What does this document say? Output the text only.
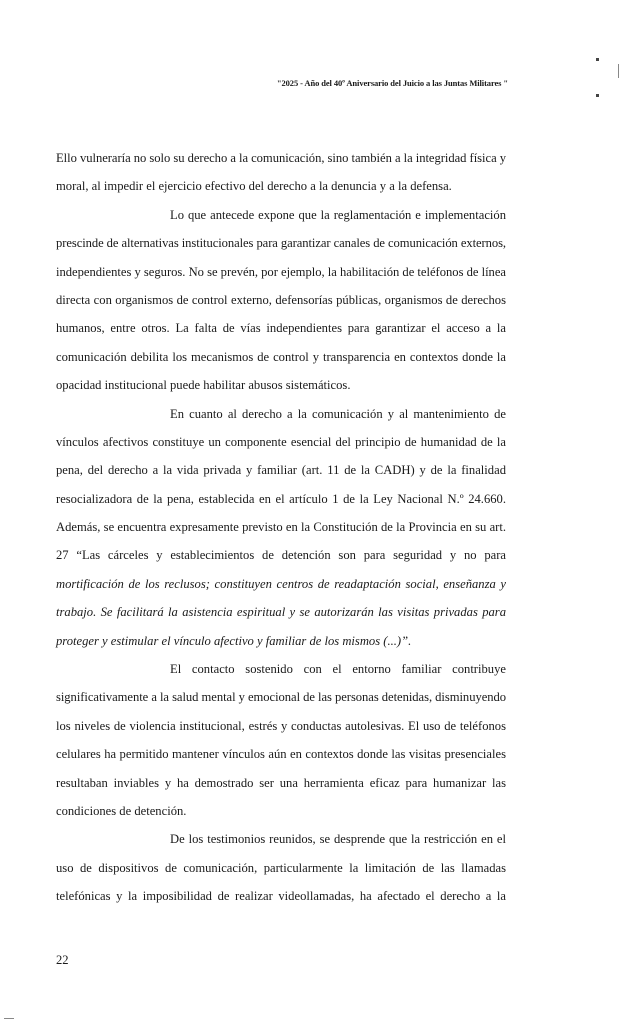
"2025 - Año del 40º Aniversario del Juicio a las Juntas Militares "
Ello vulneraría no solo su derecho a la comunicación, sino también a la integridad física y
moral, al impedir el ejercicio efectivo del derecho a la denuncia y a la defensa.
Lo que antecede expone que la reglamentación e implementación
prescinde de alternativas institucionales para garantizar canales de comunicación externos,
independientes y seguros. No se prevén, por ejemplo, la habilitación de teléfonos de línea
directa con organismos de control externo, defensorías públicas, organismos de derechos
humanos, entre otros. La falta de vías independientes para garantizar el acceso a la
comunicación debilita los mecanismos de control y transparencia en contextos donde la
opacidad institucional puede habilitar abusos sistemáticos.
En cuanto al derecho a la comunicación y al mantenimiento de
vínculos afectivos constituye un componente esencial del principio de humanidad de la
pena, del derecho a la vida privada y familiar (art. 11 de la CADH) y de la finalidad
resocializadora de la pena, establecida en el artículo 1 de la Ley Nacional N.º 24.660.
Además, se encuentra expresamente previsto en la Constitución de la Provincia en su art.
27 “Las cárceles y establecimientos de detención son para seguridad y no para
mortificación de los reclusos; constituyen centros de readaptación social, enseñanza y
trabajo. Se facilitará la asistencia espiritual y se autorizarán las visitas privadas para
proteger y estimular el vínculo afectivo y familiar de los mismos (...)”.
El contacto sostenido con el entorno familiar contribuye
significativamente a la salud mental y emocional de las personas detenidas, disminuyendo
los niveles de violencia institucional, estrés y conductas autolesivas. El uso de teléfonos
celulares ha permitido mantener vínculos aún en contextos donde las visitas presenciales
resultaban inviables y ha demostrado ser una herramienta eficaz para humanizar las
condiciones de detención.
De los testimonios reunidos, se desprende que la restricción en el
uso de dispositivos de comunicación, particularmente la limitación de las llamadas
telefónicas y la imposibilidad de realizar videollamadas, ha afectado el derecho a la
22
